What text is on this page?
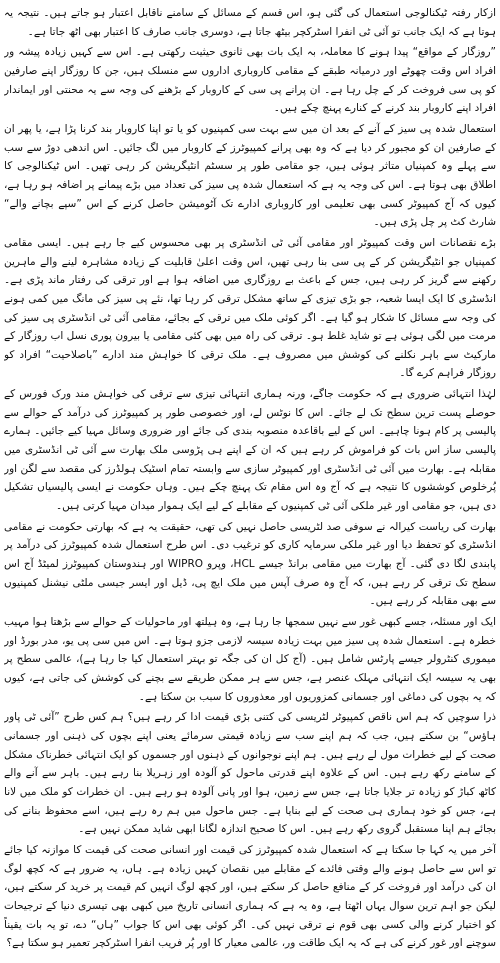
ازکار رفتہ ٹیکنالوجی استعمال کی گئی ہو، اس قسم کے مسائل کے سامنے ناقابل اعتبار ہو جاتے ہیں۔ نتیجہ یہ ہوتا ہے کہ ایک جانب تو آئی ٹی انفرا اسٹرکچر بیٹھ جاتا ہے، دوسری جانب صارف کا اعتبار بھی اٹھ جاتا ہے۔

”روزگار کے مواقع“ پیدا ہونے کا معاملہ، بہ ایک بات بھی ثانوی حیثیت رکھتی ہے۔ اس سے کہیں زیادہ پیشہ ور افراد اس وقت چھوٹے اور درمیانہ طبقے کے مقامی کاروباری اداروں سے منسلک ہیں، جن کا روزگار اپنے صارفین کو پی سی فروخت کر کے چل رہا ہے۔ ان پرانے پی سی کے کاروبار کے بڑھنے کی وجہ سے یہ محنتی اور ایماندار افراد اپنے کاروبار بند کرنے کے کنارے پہنچ چکے ہیں۔

استعمال شدہ پی سیز کے آنے کے بعد ان میں سے بہت سی کمپنیوں کو یا تو اپنا کاروبار بند کرنا پڑا ہے، یا پھر ان کے صارفین ان کو مجبور کر دیا ہے کہ وہ بھی پرانے کمپیوٹرز کے کاروبار میں لگ جائیں۔ اس اندھی دوڑ سے سب سے پہلے وہ کمپنیاں متاثر ہوئی ہیں، جو مقامی طور پر سسٹم انٹیگریشن کر رہی تھیں۔ اس ٹیکنالوجی کا اطلاق بھی ہوتا ہے۔ اس کی وجہ یہ ہے کہ استعمال شدہ پی سیز کی تعداد میں بڑے پیمانے پر اضافہ ہو رہا ہے، کیوں کہ آج کمپیوٹر کسی بھی تعلیمی اور کاروباری ادارے تک آٹومیشن حاصل کرنے کے اس ”سپے بچانے والے“ شارٹ کٹ پر چل پڑی ہیں۔

بڑے نقصانات اس وقت کمپیوٹر اور مقامی آئی ٹی انڈسٹری پر بھی محسوس کیے جا رہے ہیں۔ ایسی مقامی کمپنیاں جو انٹیگریشن کر کے پی سی بنا رہی تھیں، اس وقت اعلیٰ قابلیت کے زیادہ مشاہرہ لینے والے ماہرین رکھنے سے گریز کر رہی ہیں، جس کے باعث بے روزگاری میں اضافہ ہوا ہے اور ترقی کی رفتار ماند پڑی ہے۔ انڈسٹری کا ایک ایسا شعبہ، جو بڑی تیزی کے ساتھ مشکل ترقی کر رہا تھا، نئے پی سیز کی مانگ میں کمی ہونے کی وجہ سے مسائل کا شکار ہو گیا ہے۔ اگر کوئی ملک میں ترقی کے بجائے، مقامی آئی ٹی انڈسٹری پی سیز کی مرمت میں لگی ہوئی ہے تو شاید غلط ہو۔ ترقی کی راہ میں بھی کئی مقامی یا بیرون پوری نسل اب روزگار کے مارکیٹ سے باہر نکلنے کی کوشش میں مصروف ہے۔ ملک ترقی کا خواہش مند ادارے ”باصلاحیت“ افراد کو روزگار فراہم کرے گا۔

لہٰذا انتہائی ضروری ہے کہ حکومت جاگے، ورنہ ہماری انتہائی تیزی سے ترقی کی خواہش مند ورک فورس کے حوصلے پست ترین سطح تک لے جائے۔ اس کا نوٹس لے، اور خصوصی طور پر کمپیوٹرز کی درآمد کے حوالے سے پالیسی پر کام ہونا چاہیے۔ اس کے لیے باقاعدہ منصوبہ بندی کی جائے اور ضروری وسائل مہیا کیے جائیں۔ ہمارے پالیسی ساز اس بات کو فراموش کر رہے ہیں کہ ان کے اپنے ہی پڑوسی ملک بھارت سے آئی ٹی انڈسٹری میں مقابلہ ہے۔ بھارت میں آئی ٹی انڈسٹری اور کمپیوٹر سازی سے وابستہ تمام اسٹیک ہولڈرز کی مقصد سے لگن اور پُرخلوص کوششوں کا نتیجہ ہے کہ آج وہ اس مقام تک پہنچ چکے ہیں۔ وہاں حکومت نے ایسی پالیسیاں تشکیل دی ہیں، جو مقامی اور غیر ملکی آئی ٹی کمپنیوں کے مقابلے کے لیے ایک ہموار میدان مہیا کرتی ہیں۔

بھارت کی ریاست کیرالہ نے سوفی صد لٹریسی حاصل نہیں کی تھی، حقیقت یہ ہے کہ بھارتی حکومت نے مقامی انڈسٹری کو تحفظ دیا اور غیر ملکی سرمایہ کاری کو ترغیب دی۔ اس طرح استعمال شدہ کمپیوٹرز کی درآمد پر پابندی لگا دی گئی۔ آج بھارت میں مقامی برانڈ جیسے HCL، وپرو WIPRO اور ہندوستان کمپیوٹرز لمیٹڈ آج اس سطح تک ترقی کر رہے ہیں، کہ آج وہ صرف آپس میں ملک ایچ پی، ڈیل اور ایسر جیسی ملٹی نیشنل کمپنیوں سے بھی مقابلہ کر رہے ہیں۔

ایک اور مسئلہ، جسے کبھی غور سے نہیں سمجھا جا رہا ہے، وہ ہیلتھ اور ماحولیات کے حوالے سے بڑھتا ہوا مہیب خطرہ ہے۔ استعمال شدہ پی سیز میں بہت زیادہ سیسہ لازمی جزو ہوتا ہے۔ اس میں سی پی یو، مدر بورڈ اور میموری کنٹرولر جیسے پارٹس شامل ہیں۔ (آج کل ان کی جگہ تو بہتر استعمال کیا جا رہا ہے)، عالمی سطح پر بھی یہ سیسہ ایک انتہائی مہلک عنصر ہے، جس سے ہر ممکن طریقے سے بچنے کی کوشش کی جاتی ہے، کیوں کہ یہ بچوں کی دماغی اور جسمانی کمزوریوں اور معذوروں کا سبب بن سکتا ہے۔

ذرا سوچیں کہ ہم اس ناقص کمپیوٹر لٹریسی کی کتنی بڑی قیمت ادا کر رہے ہیں؟ ہم کس طرح ”آئی ٹی پاور ہاؤس“ بن سکتے ہیں، جب کہ ہم اپنے سب سے زیادہ قیمتی سرمائے یعنی اپنے بچوں کی ذہنی اور جسمانی صحت کے لیے خطرات مول لے رہے ہیں۔ ہم اپنے نوجوانوں کے ذہنوں اور جسموں کو ایک انتہائی خطرناک مشکل کے سامنے رکھ رہے ہیں۔ اس کے علاوہ اپنے قدرتی ماحول کو آلودہ اور زہریلا بنا رہے ہیں۔ باہر سے آنے والے کاٹھ کباڑ کو زیادہ تر جلایا جاتا ہے، جس سے زمین، ہوا اور پانی آلودہ ہو رہے ہیں۔ ان خطرات کو ملک میں لانا ہے، جس کو خود ہماری ہی صحت کے لیے بنایا ہے۔ جس ماحول میں ہم رہ رہے ہیں، اسے محفوظ بنانے کی بجائے ہم اپنا مستقبل گروی رکھ رہے ہیں۔ اس کا صحیح اندازہ لگانا ابھی شاید ممکن نہیں ہے۔

آخر میں یہ کہا جا سکتا ہے کہ استعمال شدہ کمپیوٹرز کی قیمت اور انسانی صحت کی قیمت کا موازنہ کیا جائے تو اس سے حاصل ہونے والے وقتی فائدے کے مقابلے میں نقصان کہیں زیادہ ہے۔ ہاں، یہ ضرور ہے کہ کچھ لوگ ان کی درآمد اور فروخت کر کے منافع حاصل کر سکتے ہیں، اور کچھ لوگ انہیں کم قیمت پر خرید کر سکتے ہیں، لیکن جو اہم ترین سوال یہاں اٹھتا ہے، وہ یہ ہے کہ ہماری انسانی تاریخ میں کبھی بھی تیسری دنیا کے ترجیحات کو اختیار کرنے والی کسی بھی قوم نے ترقی نہیں کی۔ اگر کوئی بھی اس کا جواب ”ہاں“ دے، تو یہ بات یقیناً سوچنے اور غور کرنے کی ہے کہ یہ ایک طاقت ور، عالمی معیار کا اور پُر فریب انفرا اسٹرکچر تعمیر ہو سکتا ہے؟
